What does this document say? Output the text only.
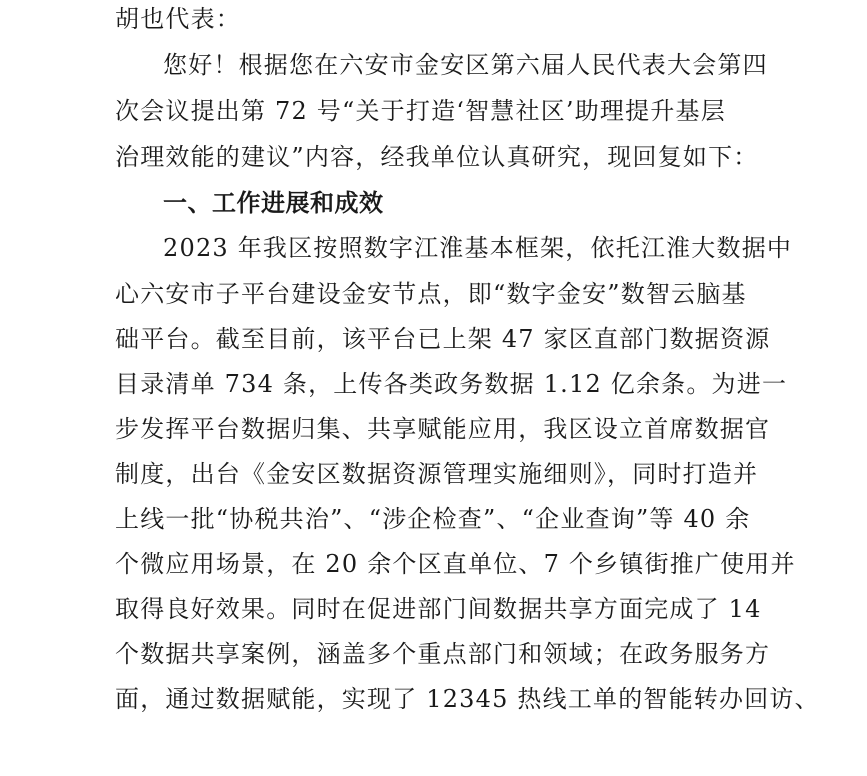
胡也代表：
您好！根据您在六安市金安区第六届人民代表大会第四
次会议提出第 72 号“关于打造‘智慧社区’助理提升基层
治理效能的建议”内容，经我单位认真研究，现回复如下：
一、工作进展和成效
2023 年我区按照数字江淮基本框架，依托江淮大数据中
心六安市子平台建设金安节点，即“数字金安”数智云脑基
础平台。截至目前，该平台已上架 47 家区直部门数据资源
目录清单 734 条，上传各类政务数据 1.12 亿余条。为进一
步发挥平台数据归集、共享赋能应用，我区设立首席数据官
制度，出台《金安区数据资源管理实施细则》，同时打造并
上线一批“协税共治”、“涉企检查”、“企业查询”等 40 余
个微应用场景，在 20 余个区直单位、7 个乡镇街推广使用并
取得良好效果。同时在促进部门间数据共享方面完成了 14
个数据共享案例，涵盖多个重点部门和领域；在政务服务方
面，通过数据赋能，实现了 12345 热线工单的智能转办回访、
